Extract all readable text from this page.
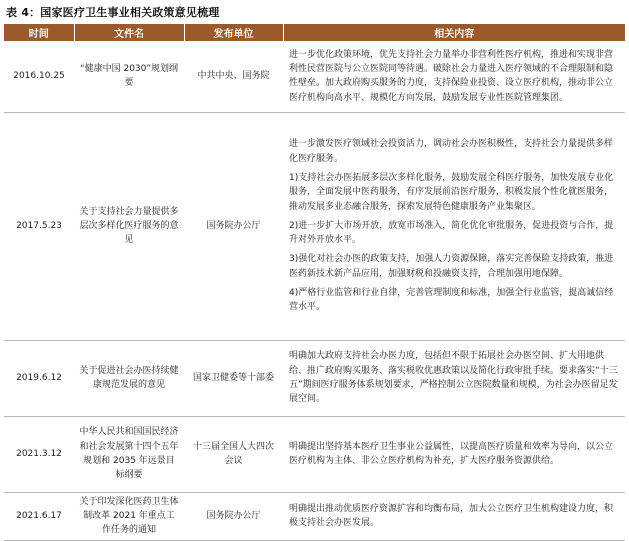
表 4：国家医疗卫生事业相关政策意见梳理
时间	文件名	发布单位	相关内容
2016.10.25	“健康中国 2030”规划纲要	中共中央、国务院	进一步优化政策环境，优先支持社会力量举办非营利性医疗机构，推进和实现非营利性民营医院与公立医院同等待遇。破除社会力量进入医疗领域的不合理限制和隐性壁垒。加大政府购买服务的力度，支持保险业投资、设立医疗机构，推动非公立医疗机构向高水平、规模化方向发展，鼓励发展专业性医院管理集团。

2017.5.23	关于支持社会力量提供多层次多样化医疗服务的意见	国务院办公厅	进一步激发医疗领域社会投资活力，调动社会办医积极性，支持社会力量提供多样化医疗服务。
1)支持社会办医拓展多层次多样化服务，鼓励发展全科医疗服务，加快发展专业化服务，全面发展中医药服务，有序发展前沿医疗服务，积极发展个性化就医服务，推动发展多业态融合服务，探索发展特色健康服务产业集聚区。
2)进一步扩大市场开放，放宽市场准入，简化优化审批服务，促进投资与合作，提升对外开放水平。
3)强化对社会办医的政策支持，加强人力资源保障，落实完善保险支持政策，推进医药新技术新产品应用，加强财税和投融资支持，合理加强用地保障。
4)严格行业监管和行业自律，完善管理制度和标准，加强全行业监管，提高诚信经营水平。

2019.6.12	关于促进社会办医持续健康规范发展的意见	国家卫健委等十部委	明确加大政府支持社会办医力度，包括但不限于拓展社会办医空间、扩大用地供给、推广政府购买服务、落实税收优惠政策以及简化行政审批手续。要求落实“十三五”期间医疗服务体系规划要求，严格控制公立医院数量和规模，为社会办医留足发展空间。

2021.3.12	中华人民共和国国民经济和社会发展第十四个五年规划和 2035 年远景目标纲要	十三届全国人大四次会议	明确提出坚持基本医疗卫生事业公益属性，以提高医疗质量和效率为导向，以公立医疗机构为主体、非公立医疗机构为补充，扩大医疗服务资源供给。

2021.6.17	关于印发深化医药卫生体制改革 2021 年重点工作任务的通知	国务院办公厅	明确提出推动优质医疗资源扩容和均衡布局，加大公立医疗卫生机构建设力度，积极支持社会办医发展。
